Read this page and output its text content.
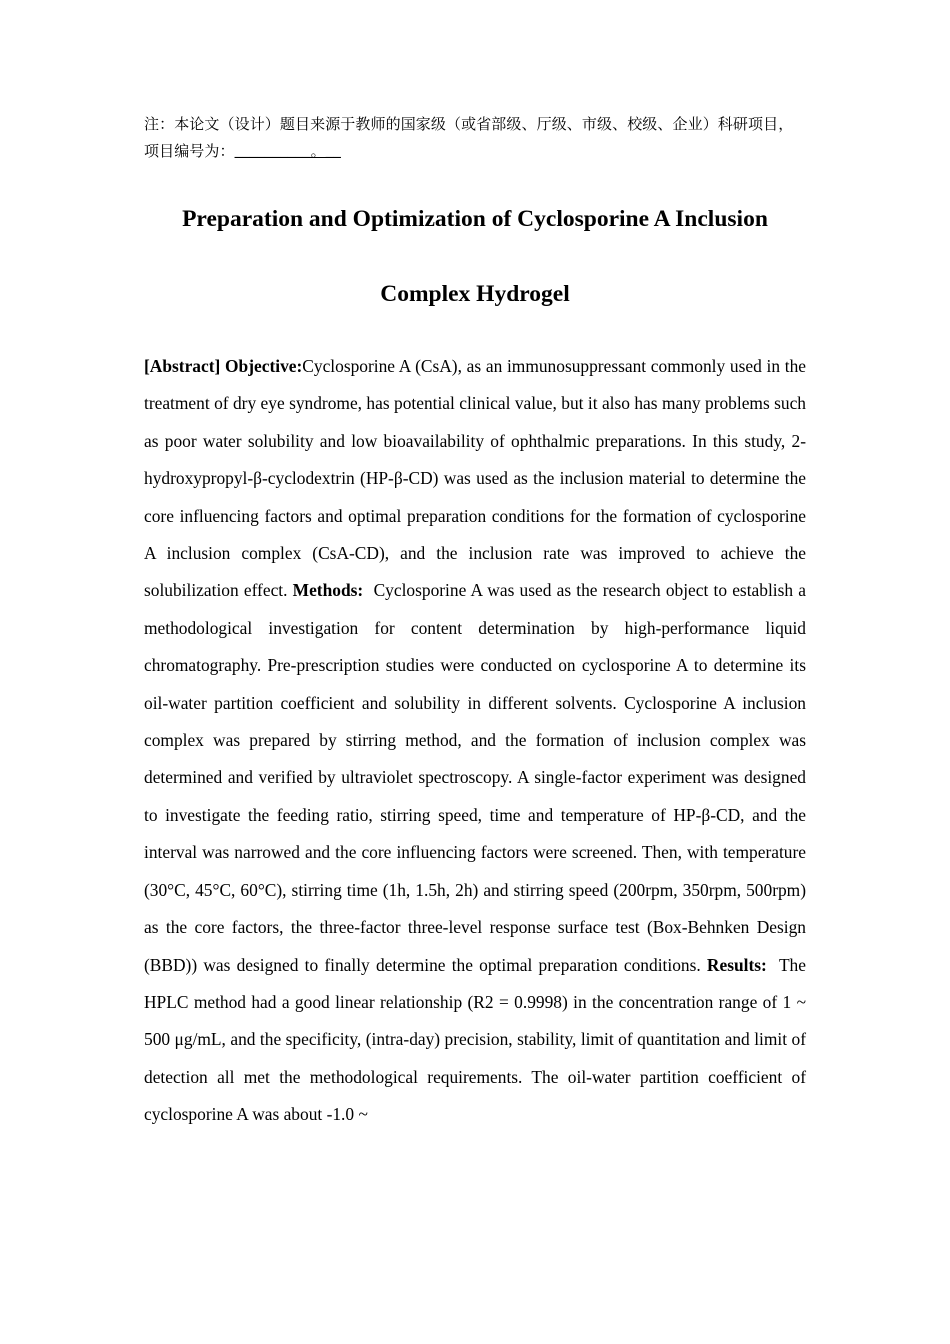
注：本论文（设计）题目来源于教师的国家级（或省部级、厅级、市级、校级、企业）科研项目，项目编号为：__________。__

Preparation and Optimization of Cyclosporine A Inclusion
Complex Hydrogel
[Abstract] Objective:Cyclosporine A (CsA), as an immunosuppressant commonly used in the treatment of dry eye syndrome, has potential clinical value, but it also has many problems such as poor water solubility and low bioavailability of ophthalmic preparations. In this study, 2-hydroxypropyl-β-cyclodextrin (HP-β-CD) was used as the inclusion material to determine the core influencing factors and optimal preparation conditions for the formation of cyclosporine A inclusion complex (CsA-CD), and the inclusion rate was improved to achieve the solubilization effect. Methods: Cyclosporine A was used as the research object to establish a methodological investigation for content determination by high-performance liquid chromatography. Pre-prescription studies were conducted on cyclosporine A to determine its oil-water partition coefficient and solubility in different solvents. Cyclosporine A inclusion complex was prepared by stirring method, and the formation of inclusion complex was determined and verified by ultraviolet spectroscopy. A single-factor experiment was designed to investigate the feeding ratio, stirring speed, time and temperature of HP-β-CD, and the interval was narrowed and the core influencing factors were screened. Then, with temperature (30°C, 45°C, 60°C), stirring time (1h, 1.5h, 2h) and stirring speed (200rpm, 350rpm, 500rpm) as the core factors, the three-factor three-level response surface test (Box-Behnken Design (BBD)) was designed to finally determine the optimal preparation conditions. Results: The HPLC method had a good linear relationship (R2 = 0.9998) in the concentration range of 1 ~ 500 μg/mL, and the specificity, (intra-day) precision, stability, limit of quantitation and limit of detection all met the methodological requirements. The oil-water partition coefficient of cyclosporine A was about -1.0 ~
